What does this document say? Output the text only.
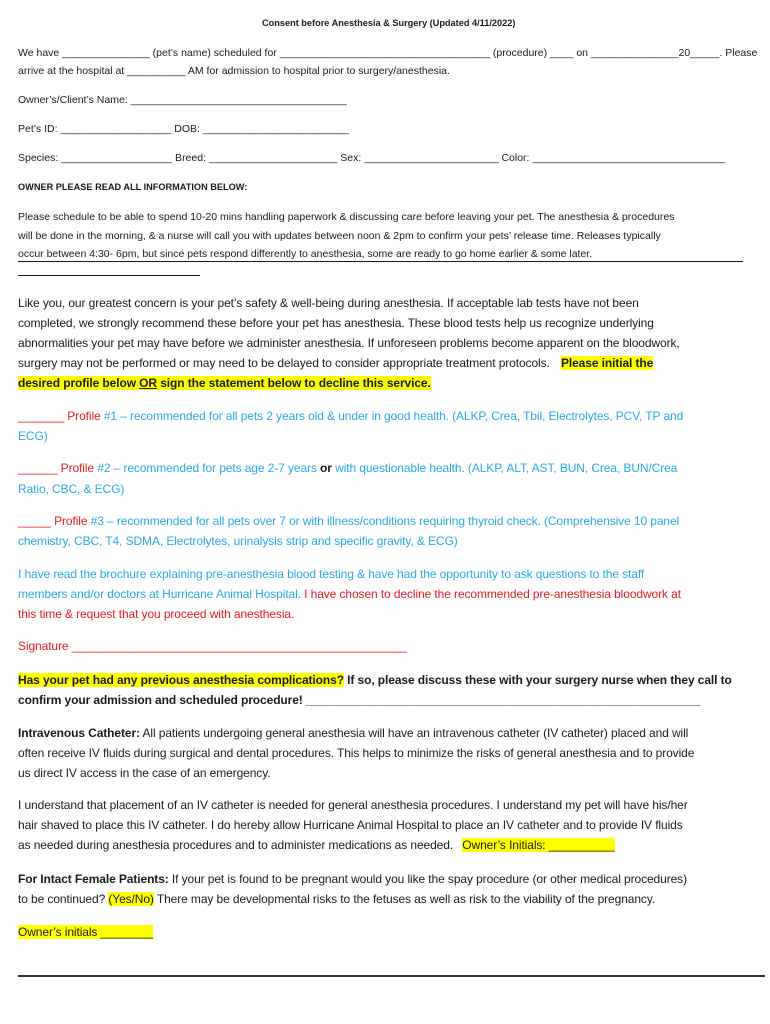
Consent before Anesthesia & Surgery (Updated 4/11/2022)
We have _______________ (pet’s name) scheduled for ____________________________________ (procedure) ____ on _______________20_____. Please
arrive at the hospital at __________ AM for admission to hospital prior to surgery/anesthesia.
Owner’s/Client’s Name: _____________________________________
Pet’s ID: ___________________ DOB: _________________________
Species: ___________________ Breed: ______________________ Sex: _______________________ Color: _________________________________
OWNER PLEASE READ ALL INFORMATION BELOW:
Please schedule to be able to spend 10-20 mins handling paperwork & discussing care before leaving your pet. The anesthesia & procedures
will be done in the morning, & a nurse will call you with updates between noon & 2pm to confirm your pets’ release time. Releases typically
occur between 4:30- 6pm, but since pets respond differently to anesthesia, some are ready to go home earlier & some later.
Like you, our greatest concern is your pet’s safety & well-being during anesthesia. If acceptable lab tests have not been
completed, we strongly recommend these before your pet has anesthesia. These blood tests help us recognize underlying
abnormalities your pet may have before we administer anesthesia. If unforeseen problems become apparent on the bloodwork,
surgery may not be performed or may need to be delayed to consider appropriate treatment protocols. Please initial the
desired profile below OR sign the statement below to decline this service.
_______ Profile #1 – recommended for all pets 2 years old & under in good health. (ALKP, Crea, Tbil, Electrolytes, PCV, TP and
ECG)
______ Profile #2 – recommended for pets age 2-7 years or with questionable health. (ALKP, ALT, AST, BUN, Crea, BUN/Crea
Ratio, CBC, & ECG)
_____ Profile #3 – recommended for all pets over 7 or with illness/conditions requiring thyroid check. (Comprehensive 10 panel
chemistry, CBC, T4, SDMA, Electrolytes, urinalysis strip and specific gravity, & ECG)
I have read the brochure explaining pre-anesthesia blood testing & have had the opportunity to ask questions to the staff
members and/or doctors at Hurricane Animal Hospital. I have chosen to decline the recommended pre-anesthesia bloodwork at
this time & request that you proceed with anesthesia.
Signature ___________________________________________________
Has your pet had any previous anesthesia complications? If so, please discuss these with your surgery nurse when they call to
confirm your admission and scheduled procedure! ____________________________________________________________
Intravenous Catheter: All patients undergoing general anesthesia will have an intravenous catheter (IV catheter) placed and will
often receive IV fluids during surgical and dental procedures. This helps to minimize the risks of general anesthesia and to provide
us direct IV access in the case of an emergency.
I understand that placement of an IV catheter is needed for general anesthesia procedures. I understand my pet will have his/her
hair shaved to place this IV catheter. I do hereby allow Hurricane Animal Hospital to place an IV catheter and to provide IV fluids
as needed during anesthesia procedures and to administer medications as needed. Owner’s Initials: __________
For Intact Female Patients: If your pet is found to be pregnant would you like the spay procedure (or other medical procedures)
to be continued? (Yes/No) There may be developmental risks to the fetuses as well as risk to the viability of the pregnancy.
Owner’s initials ________
